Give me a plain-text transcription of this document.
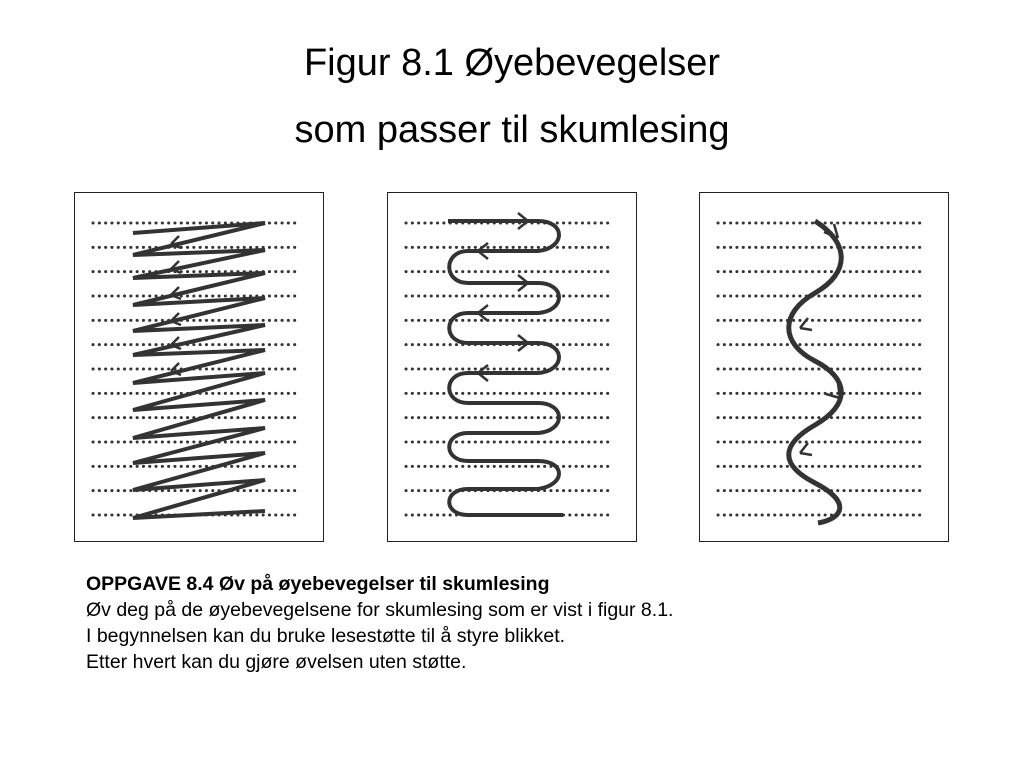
Figur 8.1 Øyebevegelser
som passer til skumlesing
OPPGAVE 8.4 Øv på øyebevegelser til skumlesing
Øv deg på de øyebevegelsene for skumlesing som er vist i figur 8.1.
I begynnelsen kan du bruke lesestøtte til å styre blikket.
Etter hvert kan du gjøre øvelsen uten støtte.
